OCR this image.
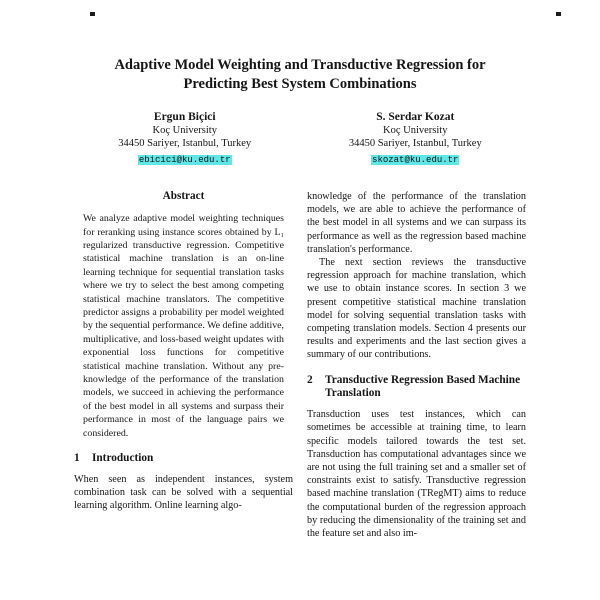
Adaptive Model Weighting and Transductive Regression for Predicting Best System Combinations
Ergun Biçici
Koç University
34450 Sariyer, Istanbul, Turkey
ebicici@ku.edu.tr
S. Serdar Kozat
Koç University
34450 Sariyer, Istanbul, Turkey
skozat@ku.edu.tr
Abstract

We analyze adaptive model weighting techniques for reranking using instance scores obtained by L₁ regularized transductive regression. Competitive statistical machine translation is an on-line learning technique for sequential translation tasks where we try to select the best among competing statistical machine translators. The competitive predictor assigns a probability per model weighted by the sequential performance. We define additive, multiplicative, and loss-based weight updates with exponential loss functions for competitive statistical machine translation. Without any pre-knowledge of the performance of the translation models, we succeed in achieving the performance of the best model in all systems and surpass their performance in most of the language pairs we considered.

1	Introduction

When seen as independent instances, system combination task can be solved with a sequential learning algorithm. Online learning algo-

knowledge of the performance of the translation models, we are able to achieve the performance of the best model in all systems and we can surpass its performance as well as the regression based machine translation's performance.

The next section reviews the transductive regression approach for machine translation, which we use to obtain instance scores. In section 3 we present competitive statistical machine translation model for solving sequential translation tasks with competing translation models. Section 4 presents our results and experiments and the last section gives a summary of our contributions.

2	Transductive Regression Based Machine Translation

Transduction uses test instances, which can sometimes be accessible at training time, to learn specific models tailored towards the test set. Transduction has computational advantages since we are not using the full training set and a smaller set of constraints exist to satisfy. Transductive regression based machine translation (TRegMT) aims to reduce the computational burden of the regression approach by reducing the dimensionality of the training set and the feature set and also im-
